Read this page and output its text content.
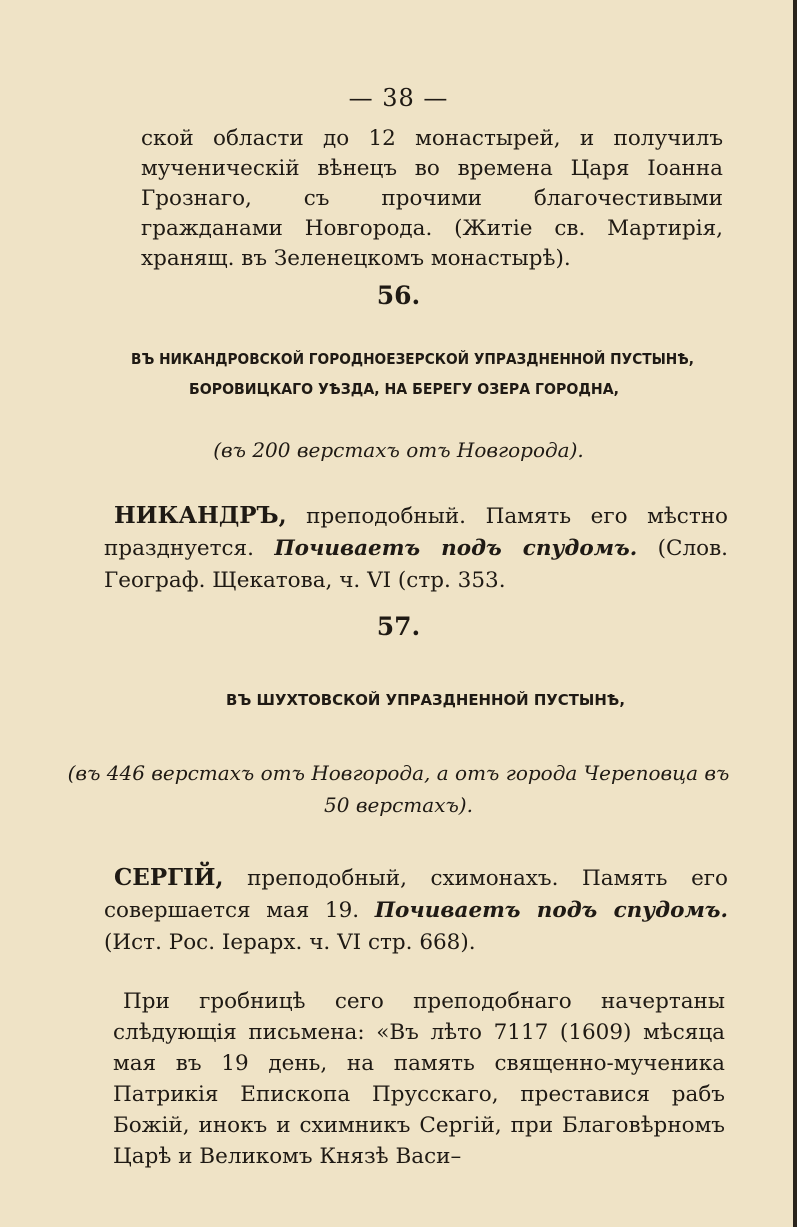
— 38 —

ской области до 12 монастырей, и получилъ мученическій вѣнецъ во времена Царя Іоанна Грознаго, съ прочими благочестивыми гражданами Новгорода. (Житіе св. Мартирія, хранящ. въ Зеленецкомъ монастырѣ).

56.
ВЪ НИКАНДРОВСКОЙ ГОРОДНОЕЗЕРСКОЙ УПРАЗДНЕННОЙ ПУСТЫНѢ,
БОРОВИЦКАГО УѢЗДА, НА БЕРЕГУ ОЗЕРА ГОРОДНА,
(въ 200 верстахъ отъ Новгорода).

НИКАНДРЪ, преподобный. Память его мѣстно празднуется. Почиваетъ подъ спудомъ. (Слов. Географ. Щекатова, ч. VI (стр. 353.

57.
ВЪ ШУХТОВСКОЙ УПРАЗДНЕННОЙ ПУСТЫНѢ,
(въ 446 верстахъ отъ Новгорода, а отъ города Череповца въ
50 верстахъ).

СЕРГІЙ, преподобный, схимонахъ. Память его совершается мая 19. Почиваетъ подъ спудомъ. (Ист. Рос. Іерарх. ч. VI стр. 668).

При гробницѣ сего преподобнаго начертаны слѣдующія письмена: «Въ лѣто 7117 (1609) мѣсяца мая въ 19 день, на память священно-мученика Патрикія Епископа Прусскаго, преставися рабъ Божій, инокъ и схимникъ Сергій, при Благовѣрномъ Царѣ и Великомъ Князѣ Васи–
